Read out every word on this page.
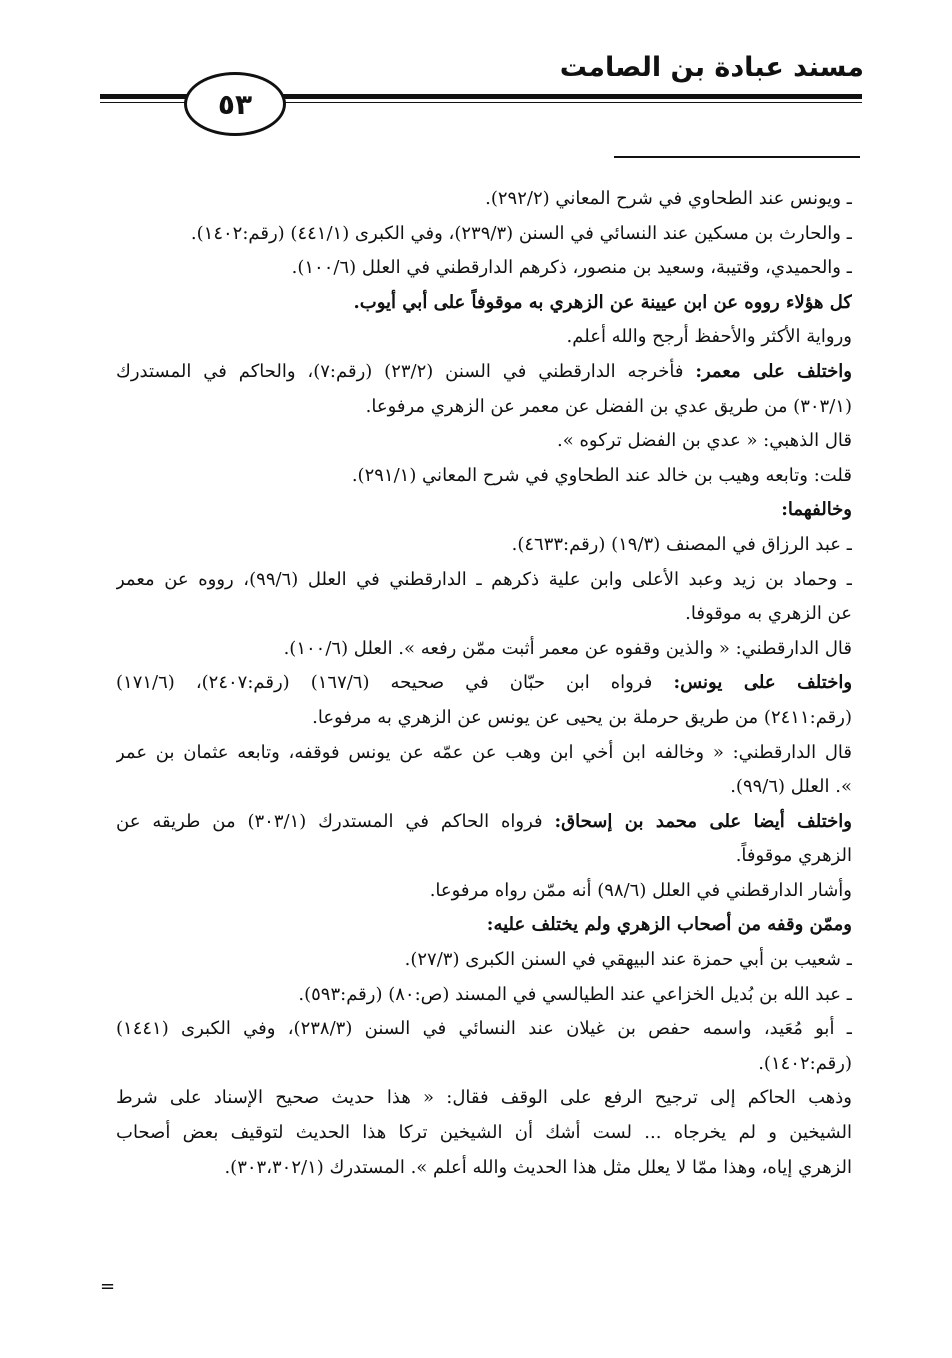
مسند عبادة بن الصامت
٥٣
ـ ويونس عند الطحاوي في شرح المعاني (٢٩٢/٢).
ـ والحارث بن مسكين عند النسائي في السنن (٢٣٩/٣)، وفي الكبرى (٤٤١/١) (رقم:١٤٠٢).
ـ والحميدي، وقتيبة، وسعيد بن منصور، ذكرهم الدارقطني في العلل (١٠٠/٦).
كل هؤلاء رووه عن ابن عيينة عن الزهري به موقوفاً على أبي أيوب.
ورواية الأكثر والأحفظ أرجح والله أعلم.
واختلف على معمر: فأخرجه الدارقطني في السنن (٢٣/٢) (رقم:٧)، والحاكم في المستدرك
(٣٠٣/١) من طريق عدي بن الفضل عن معمر عن الزهري مرفوعا.
قال الذهبي: « عدي بن الفضل تركوه ».
قلت: وتابعه وهيب بن خالد عند الطحاوي في شرح المعاني (٢٩١/١).
وخالفهما:
ـ عبد الرزاق في المصنف (١٩/٣) (رقم:٤٦٣٣).
ـ وحماد بن زيد وعبد الأعلى وابن علية ذكرهم ـ الدارقطني في العلل (٩٩/٦)، رووه عن معمر
عن الزهري به موقوفا.
قال الدارقطني: « والذين وقفوه عن معمر أثبت ممّن رفعه ». العلل (١٠٠/٦).
واختلف على يونس: فرواه ابن حبّان في صحيحه (١٦٧/٦) (رقم:٢٤٠٧)، (١٧١/٦)
(رقم:٢٤١١) من طريق حرملة بن يحيى عن يونس عن الزهري به مرفوعا.
قال الدارقطني: « وخالفه ابن أخي ابن وهب عن عمّه عن يونس فوقفه، وتابعه عثمان بن عمر
». العلل (٩٩/٦).
واختلف أيضا على محمد بن إسحاق: فرواه الحاكم في المستدرك (٣٠٣/١) من طريقه عن
الزهري موقوفاً.
وأشار الدارقطني في العلل (٩٨/٦) أنه ممّن رواه مرفوعا.
وممّن وقفه من أصحاب الزهري ولم يختلف عليه:
ـ شعيب بن أبي حمزة عند البيهقي في السنن الكبرى (٢٧/٣).
ـ عبد الله بن بُديل الخزاعي عند الطيالسي في المسند (ص:٨٠) (رقم:٥٩٣).
ـ أبو مُعَيد، واسمه حفص بن غيلان عند النسائي في السنن (٢٣٨/٣)، وفي الكبرى (١٤٤١)
(رقم:١٤٠٢).
وذهب الحاكم إلى ترجيح الرفع على الوقف فقال: « هذا حديث صحيح الإسناد على شرط
الشيخين و لم يخرجاه ... لست أشك أن الشيخين تركا هذا الحديث لتوقيف بعض أصحاب
الزهري إياه، وهذا ممّا لا يعلل مثل هذا الحديث والله أعلم ». المستدرك (٣٠٣،٣٠٢/١).
=
